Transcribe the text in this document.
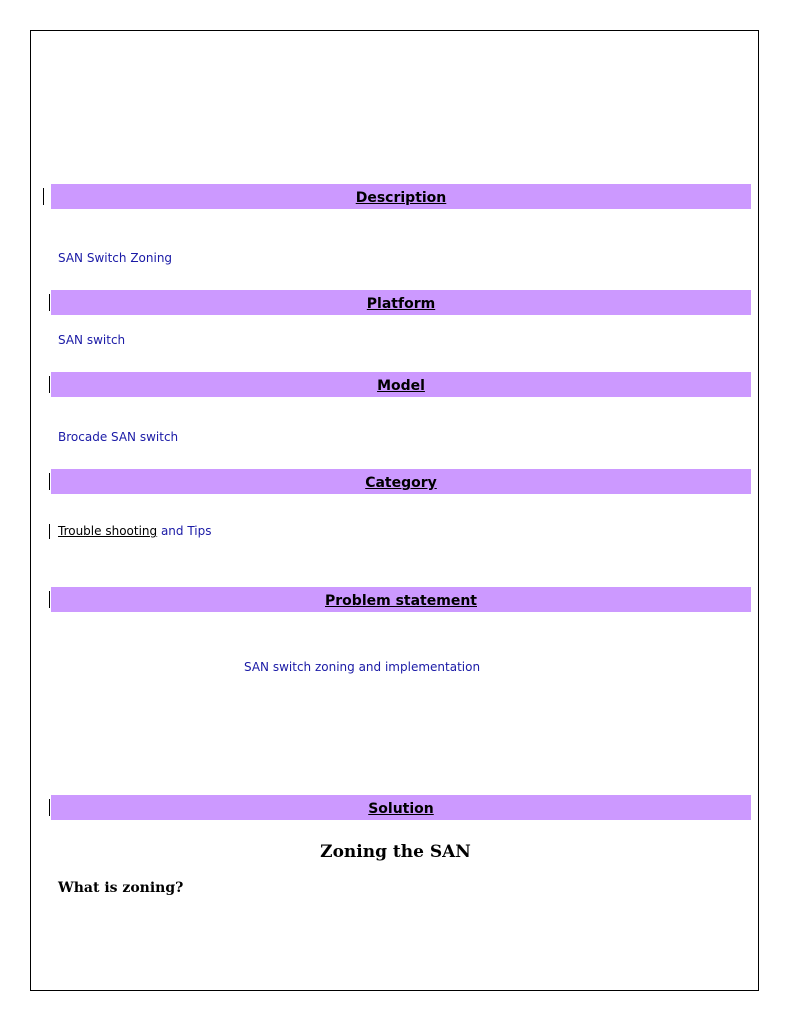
Description
SAN Switch Zoning
Platform
SAN switch
Model
Brocade SAN switch
Category
Trouble shooting and Tips
Problem statement
SAN switch zoning and implementation
Solution
Zoning the SAN
What is zoning?
